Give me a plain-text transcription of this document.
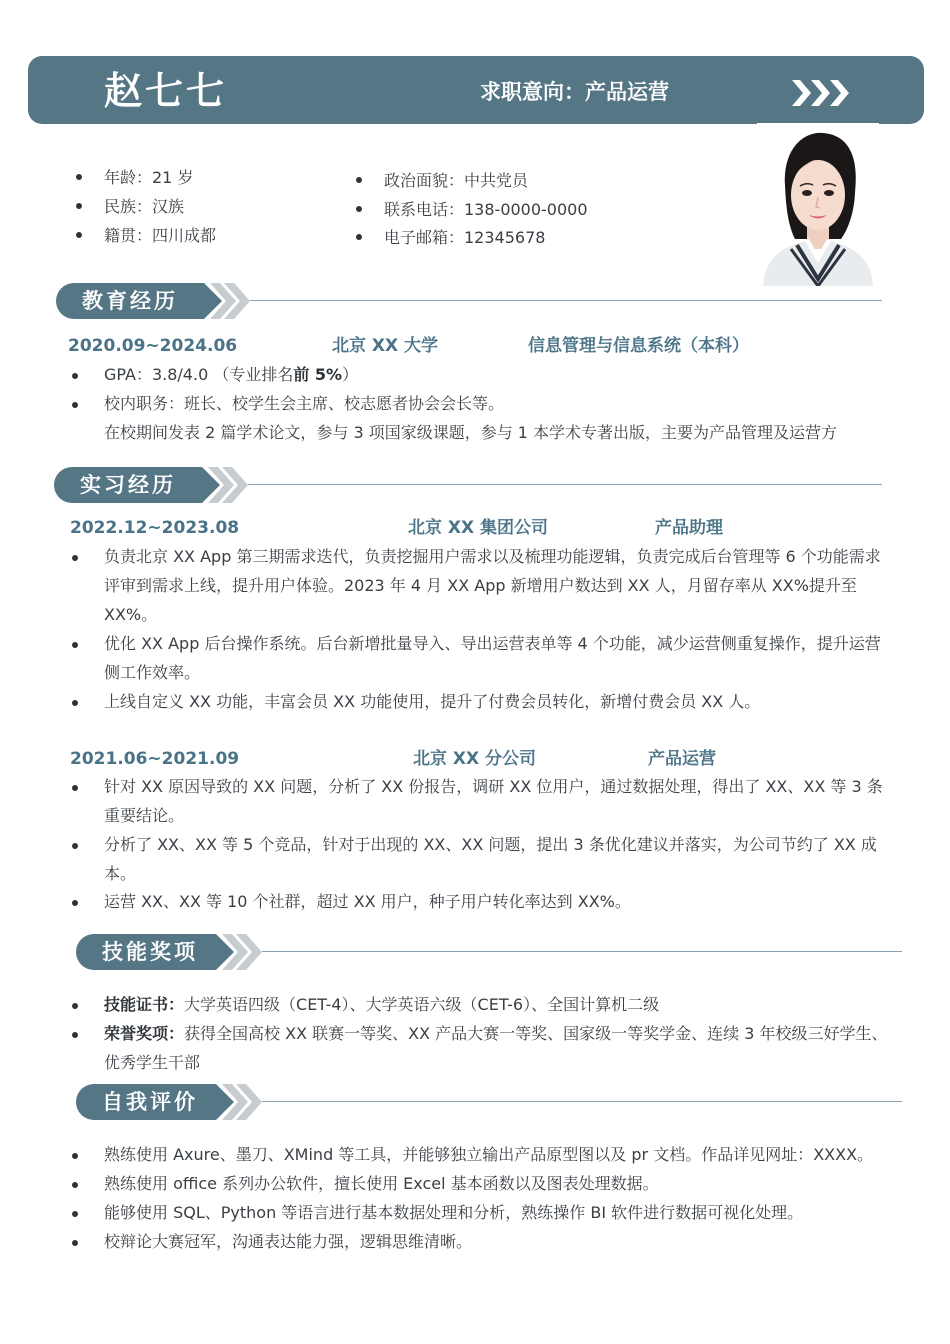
赵七七	求职意向：产品运营
年龄：21 岁
民族：汉族
籍贯：四川成都
政治面貌：中共党员
联系电话：138-0000-0000
电子邮箱：12345678
教育经历
2020.09~2024.06	北京 XX 大学	信息管理与信息系统（本科）
GPA：3.8/4.0 （专业排名前 5%）
校内职务：班长、校学生会主席、校志愿者协会会长等。
在校期间发表 2 篇学术论文，参与 3 项国家级课题，参与 1 本学术专著出版，主要为产品管理及运营方
实习经历
2022.12~2023.08	北京 XX 集团公司	产品助理
负责北京 XX App 第三期需求迭代，负责挖掘用户需求以及梳理功能逻辑，负责完成后台管理等 6 个功能需求评审到需求上线，提升用户体验。2023 年 4 月 XX App 新增用户数达到 XX 人，月留存率从 XX%提升至 XX%。
优化 XX App 后台操作系统。后台新增批量导入、导出运营表单等 4 个功能，减少运营侧重复操作，提升运营侧工作效率。
上线自定义 XX 功能，丰富会员 XX 功能使用，提升了付费会员转化，新增付费会员 XX 人。
2021.06~2021.09	北京 XX 分公司	产品运营
针对 XX 原因导致的 XX 问题，分析了 XX 份报告，调研 XX 位用户，通过数据处理，得出了 XX、XX 等 3 条重要结论。
分析了 XX、XX 等 5 个竞品，针对于出现的 XX、XX 问题，提出 3 条优化建议并落实，为公司节约了 XX 成本。
运营 XX、XX 等 10 个社群，超过 XX 用户，种子用户转化率达到 XX%。
技能奖项
技能证书：大学英语四级（CET-4）、大学英语六级（CET-6）、全国计算机二级
荣誉奖项：获得全国高校 XX 联赛一等奖、XX 产品大赛一等奖、国家级一等奖学金、连续 3 年校级三好学生、优秀学生干部
自我评价
熟练使用 Axure、墨刀、XMind 等工具，并能够独立输出产品原型图以及 pr 文档。作品详见网址：XXXX。
熟练使用 office 系列办公软件，擅长使用 Excel 基本函数以及图表处理数据。
能够使用 SQL、Python 等语言进行基本数据处理和分析，熟练操作 BI 软件进行数据可视化处理。
校辩论大赛冠军，沟通表达能力强，逻辑思维清晰。
